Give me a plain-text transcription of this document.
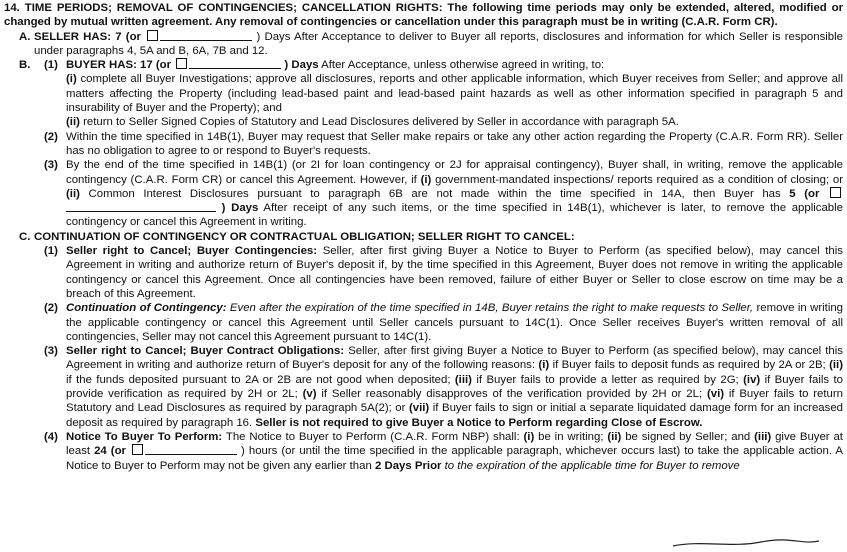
14. TIME PERIODS; REMOVAL OF CONTINGENCIES; CANCELLATION RIGHTS: The following time periods may only be extended, altered, modified or changed by mutual written agreement. Any removal of contingencies or cancellation under this paragraph must be in writing (C.A.R. Form CR).

A. SELLER HAS: 7 (or	) Days After Acceptance to deliver to Buyer all reports, disclosures and information for which Seller is responsible under paragraphs 4, 5A and B, 6A, 7B and 12.

B. (1) BUYER HAS: 17 (or	) Days After Acceptance, unless otherwise agreed in writing, to:
(i) complete all Buyer Investigations; approve all disclosures, reports and other applicable information, which Buyer receives from Seller; and approve all matters affecting the Property (including lead-based paint and lead-based paint hazards as well as other information specified in paragraph 5 and insurability of Buyer and the Property); and
(ii) return to Seller Signed Copies of Statutory and Lead Disclosures delivered by Seller in accordance with paragraph 5A.

(2) Within the time specified in 14B(1), Buyer may request that Seller make repairs or take any other action regarding the Property (C.A.R. Form RR). Seller has no obligation to agree to or respond to Buyer's requests.

(3) By the end of the time specified in 14B(1) (or 2I for loan contingency or 2J for appraisal contingency), Buyer shall, in writing, remove the applicable contingency (C.A.R. Form CR) or cancel this Agreement. However, if (i) government-mandated inspections/ reports required as a condition of closing; or (ii) Common Interest Disclosures pursuant to paragraph 6B are not made within the time specified in 14A, then Buyer has 5 (or  ) Days After receipt of any such items, or the time specified in 14B(1), whichever is later, to remove the applicable contingency or cancel this Agreement in writing.

C. CONTINUATION OF CONTINGENCY OR CONTRACTUAL OBLIGATION; SELLER RIGHT TO CANCEL:

(1) Seller right to Cancel; Buyer Contingencies: Seller, after first giving Buyer a Notice to Buyer to Perform (as specified below), may cancel this Agreement in writing and authorize return of Buyer's deposit if, by the time specified in this Agreement, Buyer does not remove in writing the applicable contingency or cancel this Agreement. Once all contingencies have been removed, failure of either Buyer or Seller to close escrow on time may be a breach of this Agreement.

(2) Continuation of Contingency: Even after the expiration of the time specified in 14B, Buyer retains the right to make requests to Seller, remove in writing the applicable contingency or cancel this Agreement until Seller cancels pursuant to 14C(1). Once Seller receives Buyer's written removal of all contingencies, Seller may not cancel this Agreement pursuant to 14C(1).

(3) Seller right to Cancel; Buyer Contract Obligations: Seller, after first giving Buyer a Notice to Buyer to Perform (as specified below), may cancel this Agreement in writing and authorize return of Buyer's deposit for any of the following reasons: (i) if Buyer fails to deposit funds as required by 2A or 2B; (ii) if the funds deposited pursuant to 2A or 2B are not good when deposited; (iii) if Buyer fails to provide a letter as required by 2G; (iv) if Buyer fails to provide verification as required by 2H or 2L; (v) if Seller reasonably disapproves of the verification provided by 2H or 2L; (vi) if Buyer fails to return Statutory and Lead Disclosures as required by paragraph 5A(2); or (vii) if Buyer fails to sign or initial a separate liquidated damage form for an increased deposit as required by paragraph 16. Seller is not required to give Buyer a Notice to Perform regarding Close of Escrow.

(4) Notice To Buyer To Perform: The Notice to Buyer to Perform (C.A.R. Form NBP) shall: (i) be in writing; (ii) be signed by Seller; and (iii) give Buyer at least 24 (or	) hours (or until the time specified in the applicable paragraph, whichever occurs last) to take the applicable action. A Notice to Buyer to Perform may not be given any earlier than 2 Days Prior to the expiration of the applicable time for Buyer to remove
